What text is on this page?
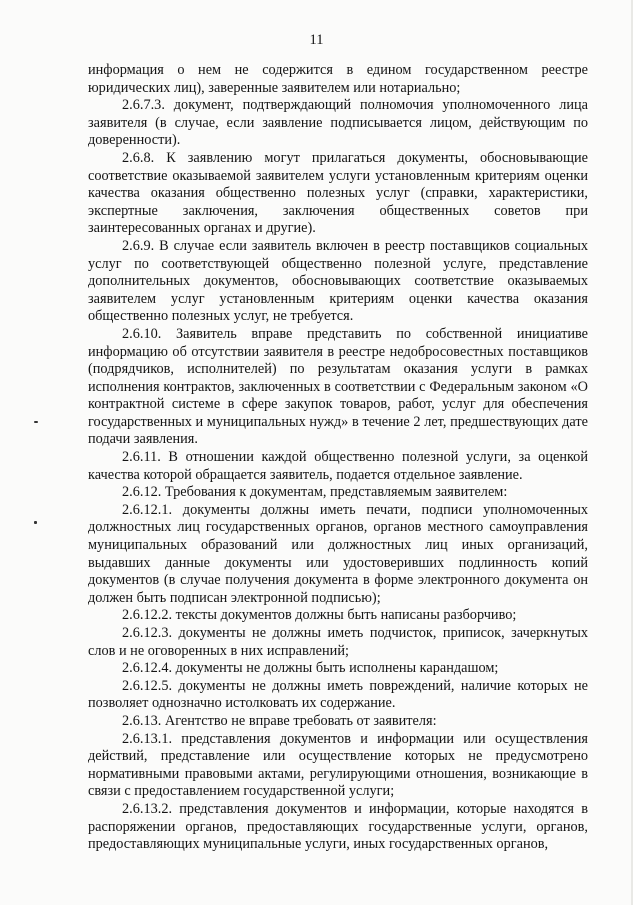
11

информация о нем не содержится в едином государственном реестре юридических лиц), заверенные заявителем или нотариально;

2.6.7.3. документ, подтверждающий полномочия уполномоченного лица заявителя (в случае, если заявление подписывается лицом, действующим по доверенности).

2.6.8. К заявлению могут прилагаться документы, обосновывающие соответствие оказываемой заявителем услуги установленным критериям оценки качества оказания общественно полезных услуг (справки, характеристики, экспертные заключения, заключения общественных советов при заинтересованных органах и другие).

2.6.9. В случае если заявитель включен в реестр поставщиков социальных услуг по соответствующей общественно полезной услуге, представление дополнительных документов, обосновывающих соответствие оказываемых заявителем услуг установленным критериям оценки качества оказания общественно полезных услуг, не требуется.

2.6.10. Заявитель вправе представить по собственной инициативе информацию об отсутствии заявителя в реестре недобросовестных поставщиков (подрядчиков, исполнителей) по результатам оказания услуги в рамках исполнения контрактов, заключенных в соответствии с Федеральным законом «О контрактной системе в сфере закупок товаров, работ, услуг для обеспечения государственных и муниципальных нужд» в течение 2 лет, предшествующих дате подачи заявления.

2.6.11. В отношении каждой общественно полезной услуги, за оценкой качества которой обращается заявитель, подается отдельное заявление.

2.6.12. Требования к документам, представляемым заявителем:

2.6.12.1. документы должны иметь печати, подписи уполномоченных должностных лиц государственных органов, органов местного самоуправления муниципальных образований или должностных лиц иных организаций, выдавших данные документы или удостоверивших подлинность копий документов (в случае получения документа в форме электронного документа он должен быть подписан электронной подписью);

2.6.12.2. тексты документов должны быть написаны разборчиво;

2.6.12.3. документы не должны иметь подчисток, приписок, зачеркнутых слов и не оговоренных в них исправлений;

2.6.12.4. документы не должны быть исполнены карандашом;

2.6.12.5. документы не должны иметь повреждений, наличие которых не позволяет однозначно истолковать их содержание.

2.6.13. Агентство не вправе требовать от заявителя:

2.6.13.1. представления документов и информации или осуществления действий, представление или осуществление которых не предусмотрено нормативными правовыми актами, регулирующими отношения, возникающие в связи с предоставлением государственной услуги;

2.6.13.2. представления документов и информации, которые находятся в распоряжении органов, предоставляющих государственные услуги, органов, предоставляющих муниципальные услуги, иных государственных органов,
